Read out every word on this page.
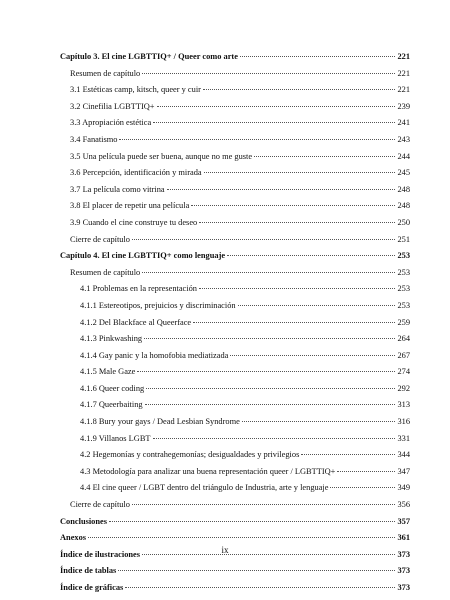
Capítulo 3. El cine LGBTTIQ+ / Queer como arte	221
Resumen de capítulo	221
3.1 Estéticas camp, kitsch, queer y cuir	221
3.2 Cinefilia LGBTTIQ+	239
3.3 Apropiación estética	241
3.4 Fanatismo	243
3.5 Una película puede ser buena, aunque no me guste	244
3.6 Percepción, identificación y mirada	245
3.7 La película como vitrina	248
3.8 El placer de repetir una película	248
3.9 Cuando el cine construye tu deseo	250
Cierre de capítulo	251
Capítulo 4. El cine LGBTTIQ+ como lenguaje	253
Resumen de capítulo	253
4.1 Problemas en la representación	253
4.1.1 Estereotipos, prejuicios y discriminación	253
4.1.2 Del Blackface al Queerface	259
4.1.3 Pinkwashing	264
4.1.4 Gay panic y la homofobia mediatizada	267
4.1.5 Male Gaze	274
4.1.6 Queer coding	292
4.1.7 Queerbaiting	313
4.1.8 Bury your gays / Dead Lesbian Syndrome	316
4.1.9 Villanos LGBT	331
4.2 Hegemonías y contrahegemonías; desigualdades y privilegios	344
4.3 Metodología para analizar una buena representación queer / LGBTTIQ+	347
4.4 El cine queer / LGBT dentro del triángulo de Industria, arte y lenguaje	349
Cierre de capítulo	356
Conclusiones	357
Anexos	361
Índice de ilustraciones	373
Índice de tablas	373
Índice de gráficas	373
ix
